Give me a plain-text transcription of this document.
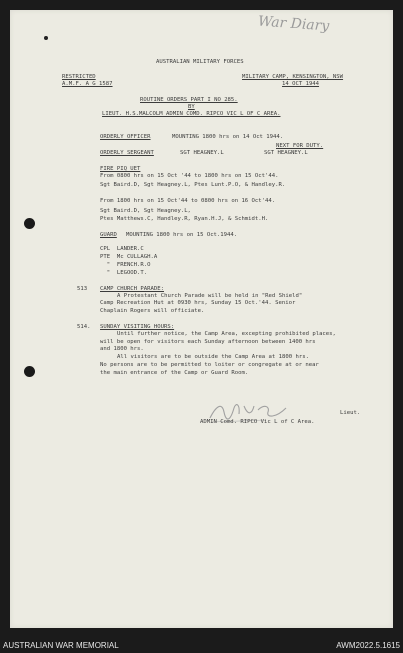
War Diary
AUSTRALIAN MILITARY FORCES
RESTRICTED
A.M.F. A G 1587
MILITARY CAMP, KENSINGTON, NSW
14 OCT 1944
ROUTINE ORDERS PART I NO 285.
BY
LIEUT. H.S.MALCOLM ADMIN COMD. RIPCO VIC L OF C AREA.
ORDERLY OFFICER	MOUNTING 1800 hrs on 14 Oct 1944.
NEXT FOR DUTY.
ORDERLY SERGEANT	SGT HEAGNEY.L	SGT HEAGNEY.L
FIRE PIQ UET
From 0800 hrs on 15 Oct '44 to 1800 hrs on 15 Oct'44.
Sgt Baird.D, Sgt Heagney.L, Ptes Lunt.P.O, & Handley.R.
From 1800 hrs on 15 Oct'44 to 0800 hrs on 16 Oct'44.
Sgt Baird.D, Sgt Heagney.L,
Ptes Matthews.C, Handley.R, Ryan.H.J, & Schmidt.H.
GUARD MOUNTING 1800 hrs on 15 Oct.1944.
CPL  LANDER.C
PTE  Mc CULLAGH.A
"  FRENCH.R.O
"  LEGOOD.T.
513 CAMP CHURCH PARADE:
A Protestant Church Parade will be held in "Red Shield"
Camp Recreation Hut at 0930 hrs, Sunday 15 Oct.'44. Senior
Chaplain Rogers will officiate.
514. SUNDAY VISITING HOURS:
Until further notice, the Camp Area, excepting prohibited places,
will be open for visitors each Sunday afternoon between 1400 hrs
and 1800 hrs.
All visitors are to be outside the Camp Area at 1800 hrs.
No persons are to be permitted to loiter or congregate at or near
the main entrance of the Camp or Guard Room.
Lieut.
ADMIN Comd. RIPCO Vic L of C Area.
AUSTRALIAN WAR MEMORIAL	AWM2022.5.1615
